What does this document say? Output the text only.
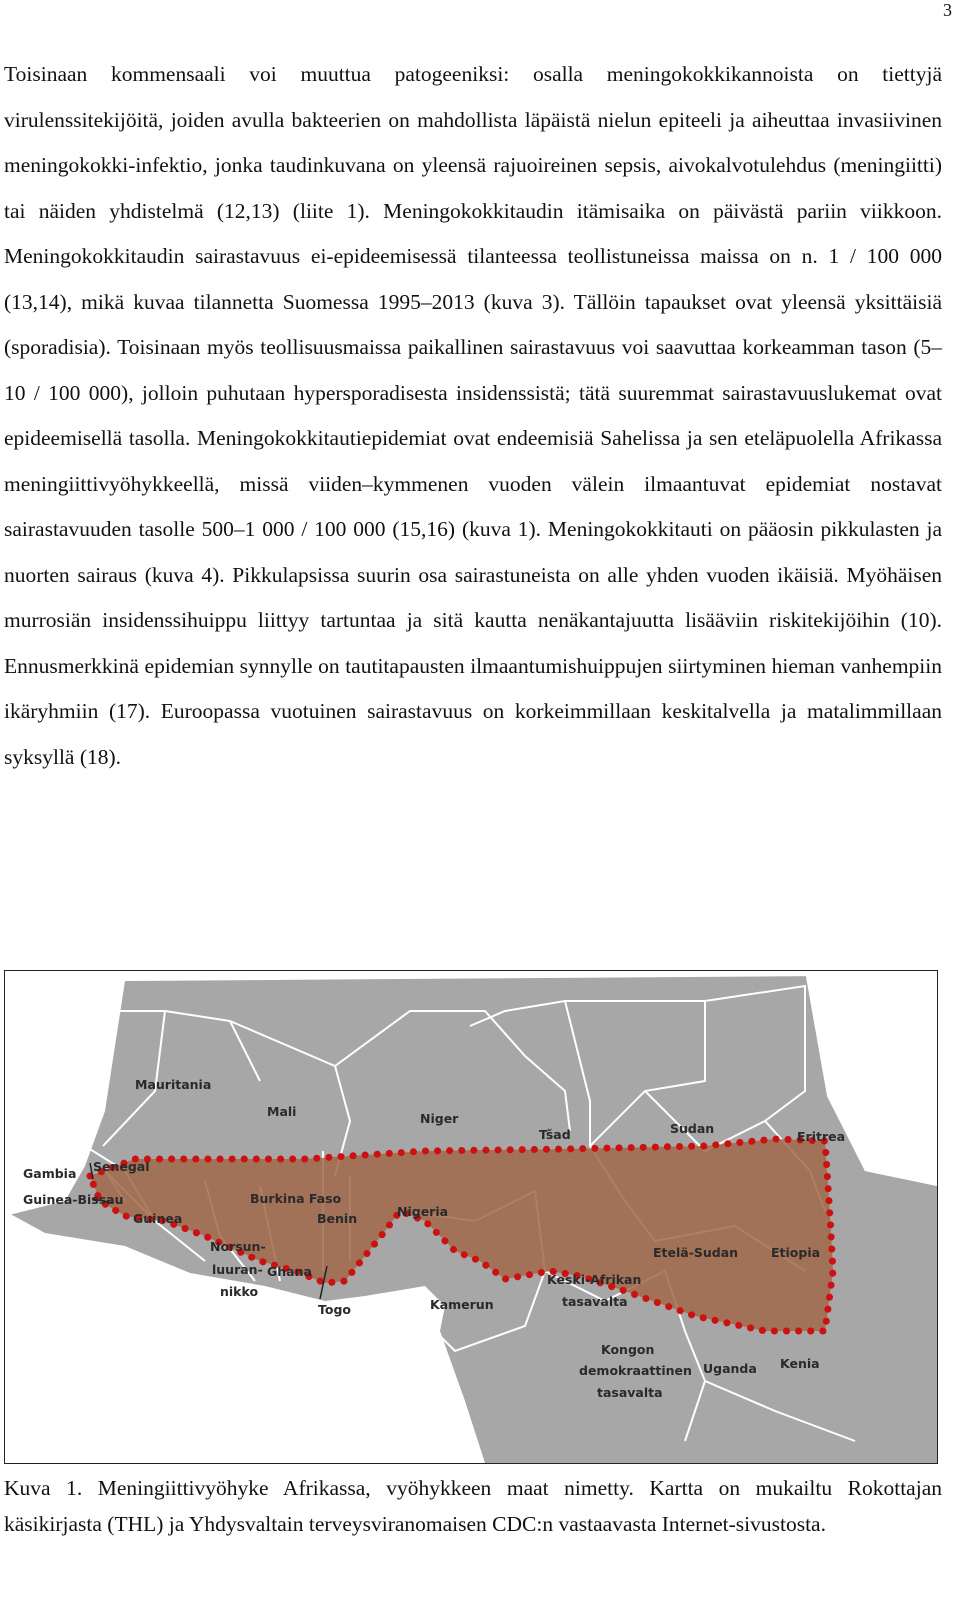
3

Toisinaan kommensaali voi muuttua patogeeniksi: osalla meningokokkikannoista on tiettyjä virulenssitekijöitä, joiden avulla bakteerien on mahdollista läpäistä nielun epiteeli ja aiheuttaa invasiivinen meningokokki-infektio, jonka taudinkuvana on yleensä rajuoireinen sepsis, aivokalvotulehdus (meningiitti) tai näiden yhdistelmä (12,13) (liite 1). Meningokokkitaudin itämisaika on päivästä pariin viikkoon. Meningokokkitaudin sairastavuus ei-epideemisessä tilanteessa teollistuneissa maissa on n. 1 / 100 000 (13,14), mikä kuvaa tilannetta Suomessa 1995–2013 (kuva 3). Tällöin tapaukset ovat yleensä yksittäisiä (sporadisia). Toisinaan myös teollisuusmaissa paikallinen sairastavuus voi saavuttaa korkeamman tason (5–10 / 100 000), jolloin puhutaan hypersporadisesta insidenssistä; tätä suuremmat sairastavuuslukemat ovat epideemisellä tasolla. Meningokokkitautiepidemiat ovat endeemisiä Sahelissa ja sen eteläpuolella Afrikassa meningiittivyöhykkeellä, missä viiden–kymmenen vuoden välein ilmaantuvat epidemiat nostavat sairastavuuden tasolle 500–1 000 / 100 000 (15,16) (kuva 1). Meningokokkitauti on pääosin pikkulasten ja nuorten sairaus (kuva 4). Pikkulapsissa suurin osa sairastuneista on alle yhden vuoden ikäisiä. Myöhäisen murrosiän insidenssihuippu liittyy tartuntaa ja sitä kautta nenäkantajuutta lisääviin riskitekijöihin (10). Ennusmerkkinä epidemian synnylle on tautitapausten ilmaantumishuippujen siirtyminen hieman vanhempiin ikäryhmiin (17). Euroopassa vuotuinen sairastavuus on korkeimmillaan keskitalvella ja matalimmillaan syksyllä (18).

Mauritania
Mali	Niger
Tšad	Sudan
Eritrea
Gambia Senegal
Guinea-Bissau
Guinea
Burkina Faso
Benin	Nigeria
Etelä-Sudan	Etiopia
Norsun-
luuran-
nikko
Ghana
Togo	Kamerun
Keski-Afrikan
tasavalta
Kongon
demokraattinen
tasavalta
Uganda Kenia

Kuva 1. Meningiittivyöhyke Afrikassa, vyöhykkeen maat nimetty. Kartta on mukailtu Rokottajan käsikirjasta (THL) ja Yhdysvaltain terveysviranomaisen CDC:n vastaavasta Internet-sivustosta.
